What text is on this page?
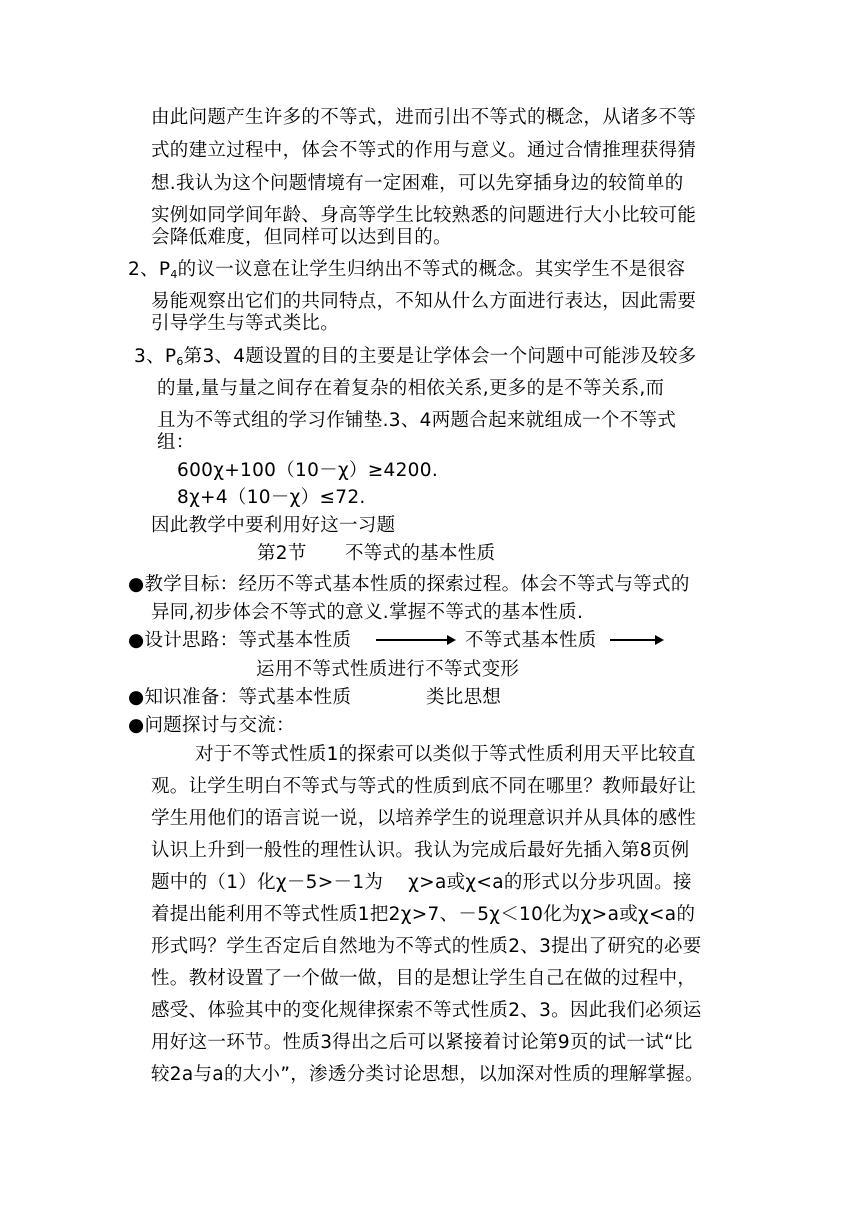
由此问题产生许多的不等式，进而引出不等式的概念，从诸多不等
式的建立过程中，体会不等式的作用与意义。通过合情推理获得猜
想.我认为这个问题情境有一定困难，可以先穿插身边的较简单的
实例如同学间年龄、身高等学生比较熟悉的问题进行大小比较可能
会降低难度，但同样可以达到目的。
2、$P_4$的议一议意在让学生归纳出不等式的概念。其实学生不是很容
易能观察出它们的共同特点，不知从什么方面进行表达，因此需要
引导学生与等式类比。
3、$P_6$第3、4题设置的目的主要是让学体会一个问题中可能涉及较多
的量,量与量之间存在着复杂的相依关系,更多的是不等关系,而
且为不等式组的学习作铺垫.3、4两题合起来就组成一个不等式
组：
600χ+100（10－χ）≥4200.
8χ+4（10－χ）≤72.
因此教学中要利用好这一习题
第2节 不等式的基本性质
●教学目标：经历不等式基本性质的探索过程。体会不等式与等式的
异同,初步体会不等式的意义.掌握不等式的基本性质.
●设计思路：等式基本性质	不等式基本性质
运用不等式性质进行不等式变形
●知识准备：等式基本性质	类比思想
●问题探讨与交流：
对于不等式性质1的探索可以类似于等式性质利用天平比较直
观。让学生明白不等式与等式的性质到底不同在哪里？教师最好让
学生用他们的语言说一说，以培养学生的说理意识并从具体的感性
认识上升到一般性的理性认识。我认为完成后最好先插入第8页例
题中的（1）化χ－5>－1为　 χ>a或χ<a的形式以分步巩固。接
着提出能利用不等式性质1把2χ>7、－5χ＜10化为χ>a或χ<a的
形式吗？学生否定后自然地为不等式的性质2、3提出了研究的必要
性。教材设置了一个做一做，目的是想让学生自己在做的过程中，
感受、体验其中的变化规律探索不等式性质2、3。因此我们必须运
用好这一环节。性质3得出之后可以紧接着讨论第9页的试一试“比
较2a与a的大小”，渗透分类讨论思想，以加深对性质的理解掌握。
